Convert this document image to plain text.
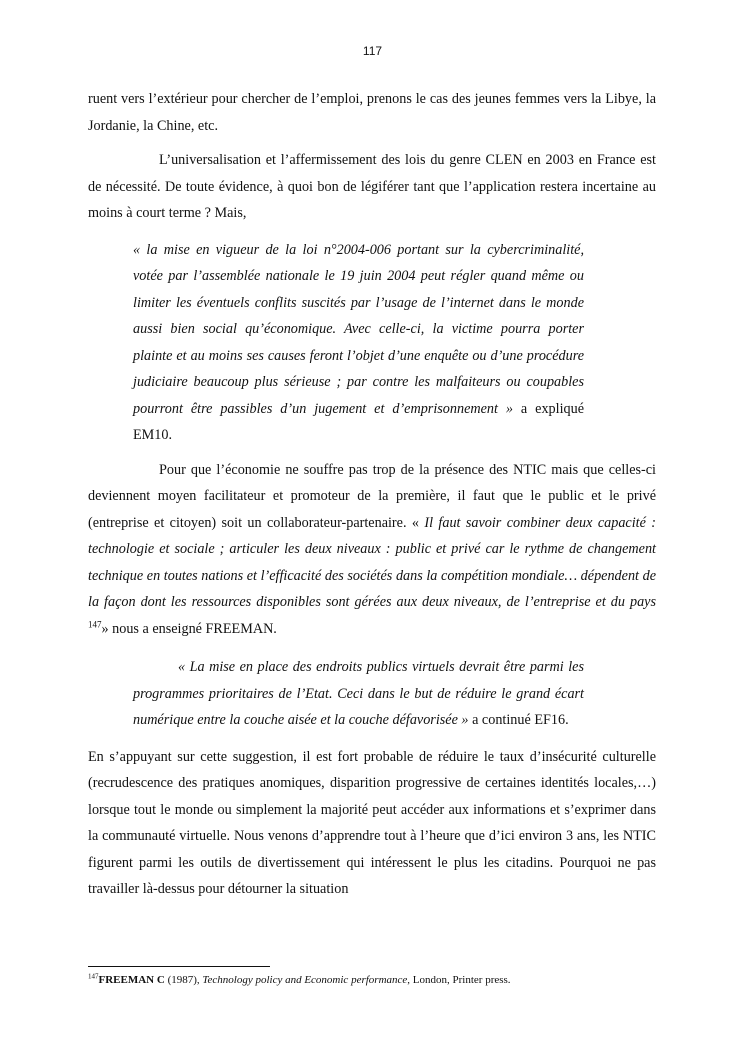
117

ruent vers l’extérieur pour chercher de l’emploi, prenons le cas des jeunes femmes vers la Libye, la Jordanie, la Chine, etc.

L’universalisation et l’affermissement des lois du genre CLEN en 2003 en France est de nécessité. De toute évidence, à quoi bon de légiférer tant que l’application restera incertaine au moins à court terme ? Mais,

« la mise en vigueur de la loi n°2004-006 portant sur la cybercriminalité, votée par l’assemblée nationale le 19 juin 2004 peut régler quand même ou limiter les éventuels conflits suscités par l’usage de l’internet dans le monde aussi bien social qu’économique. Avec celle-ci, la victime pourra porter plainte et au moins ses causes feront l’objet d’une enquête ou d’une procédure judiciaire beaucoup plus sérieuse ; par contre les malfaiteurs ou coupables pourront être passibles d’un jugement et d’emprisonnement » a expliqué EM10.

Pour que l’économie ne souffre pas trop de la présence des NTIC mais que celles-ci deviennent moyen facilitateur et promoteur de la première, il faut que le public et le privé (entreprise et citoyen) soit un collaborateur-partenaire. « Il faut savoir combiner deux capacité : technologie et sociale ; articuler les deux niveaux : public et privé car le rythme de changement technique en toutes nations et l’efficacité des sociétés dans la compétition mondiale… dépendent de la façon dont les ressources disponibles sont gérées aux deux niveaux, de l’entreprise et du pays $^{147}$» nous a enseigné FREEMAN.

« La mise en place des endroits publics virtuels devrait être parmi les programmes prioritaires de l’Etat. Ceci dans le but de réduire le grand écart numérique entre la couche aisée et la couche défavorisée » a continué EF16.

En s’appuyant sur cette suggestion, il est fort probable de réduire le taux d’insécurité culturelle (recrudescence des pratiques anomiques, disparition progressive de certaines identités locales,…) lorsque tout le monde ou simplement la majorité peut accéder aux informations et s’exprimer dans la communauté virtuelle. Nous venons d’apprendre tout à l’heure que d’ici environ 3 ans, les NTIC figurent parmi les outils de divertissement qui intéressent le plus les citadins. Pourquoi ne pas travailler là-dessus pour détourner la situation

$^{147}$FREEMAN C (1987), Technology policy and Economic performance, London, Printer press.
